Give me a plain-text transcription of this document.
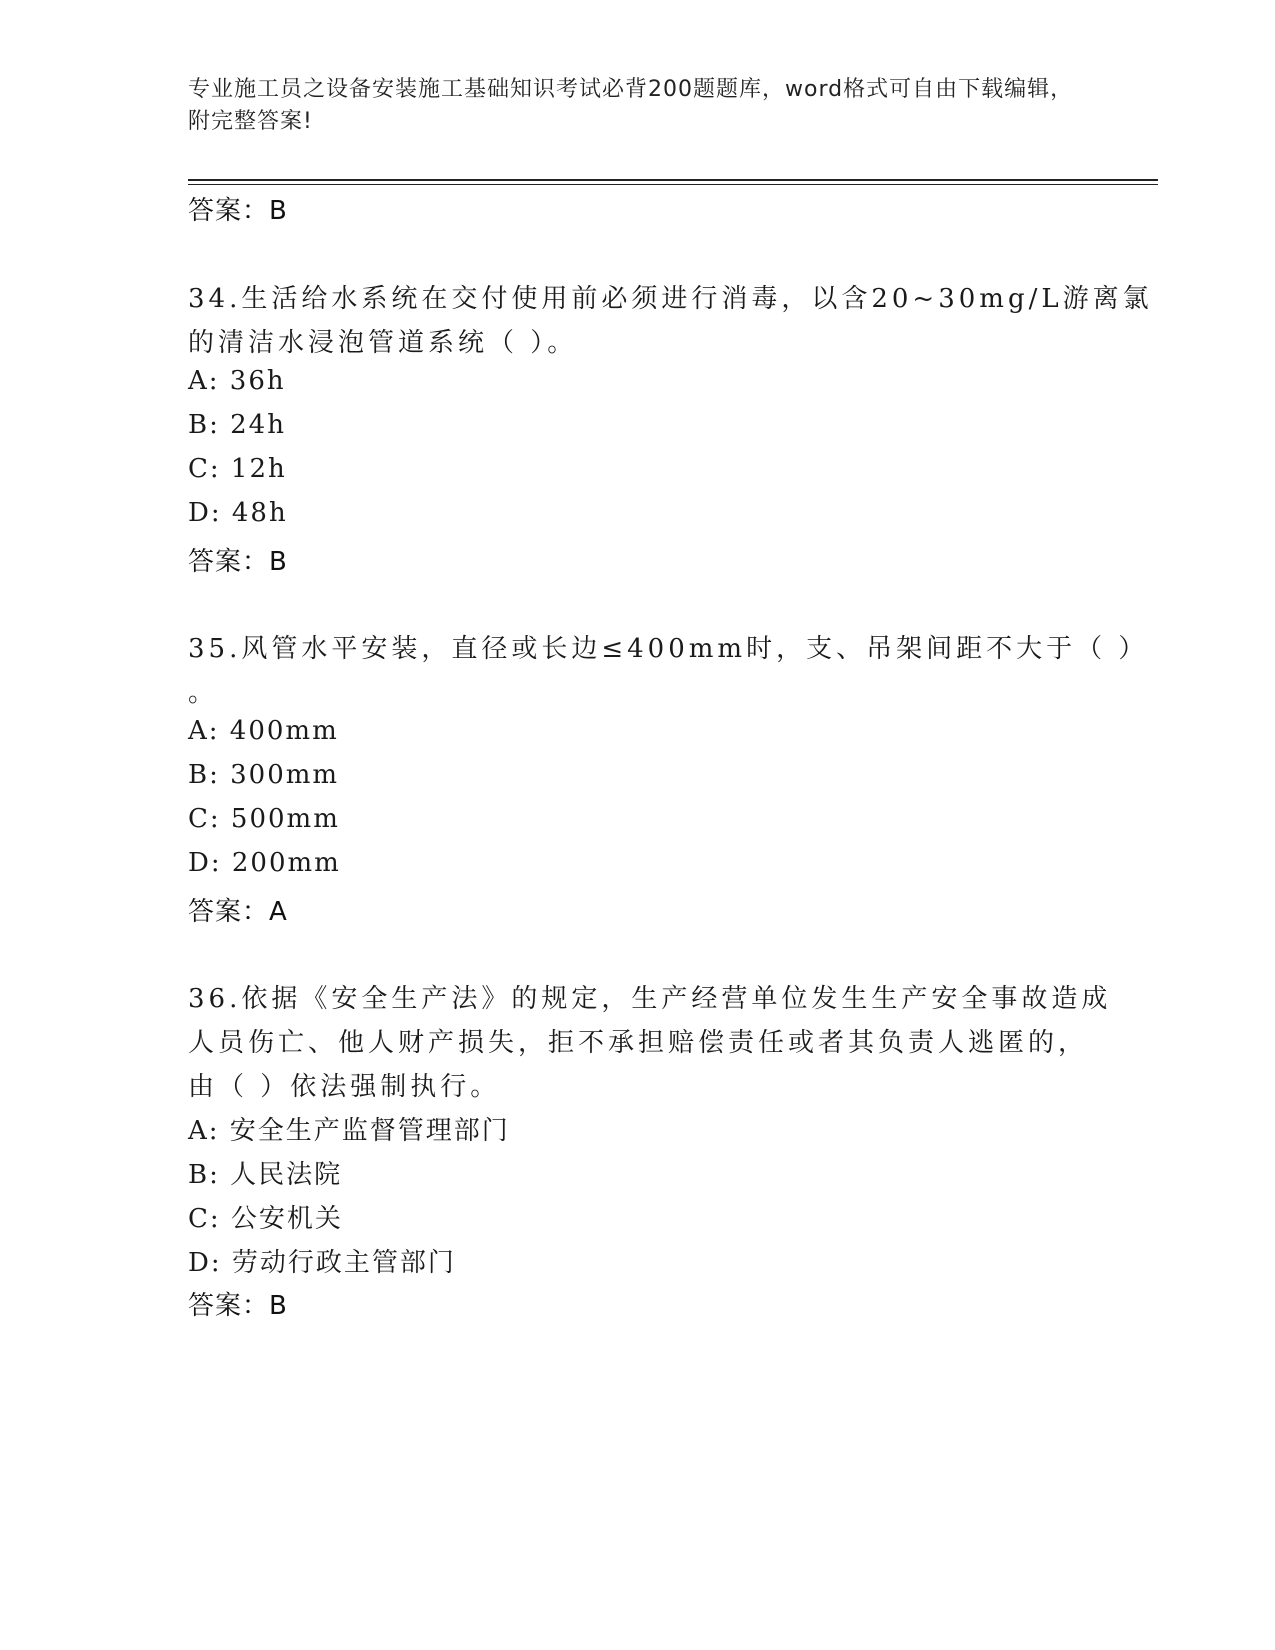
专业施工员之设备安装施工基础知识考试必背200题题库，word格式可自由下载编辑，附完整答案!
答案：B
34.生活给水系统在交付使用前必须进行消毒，以含20~30mg/L游离氯
的清洁水浸泡管道系统（ ）。
A: 36h
B: 24h
C: 12h
D: 48h
答案：B
35.风管水平安装，直径或长边≤400mm时，支、吊架间距不大于（ ）
。
A: 400mm
B: 300mm
C: 500mm
D: 200mm
答案：A
36.依据《安全生产法》的规定，生产经营单位发生生产安全事故造成
人员伤亡、他人财产损失，拒不承担赔偿责任或者其负责人逃匿的，
由（ ）依法强制执行。
A: 安全生产监督管理部门
B: 人民法院
C: 公安机关
D: 劳动行政主管部门
答案：B
